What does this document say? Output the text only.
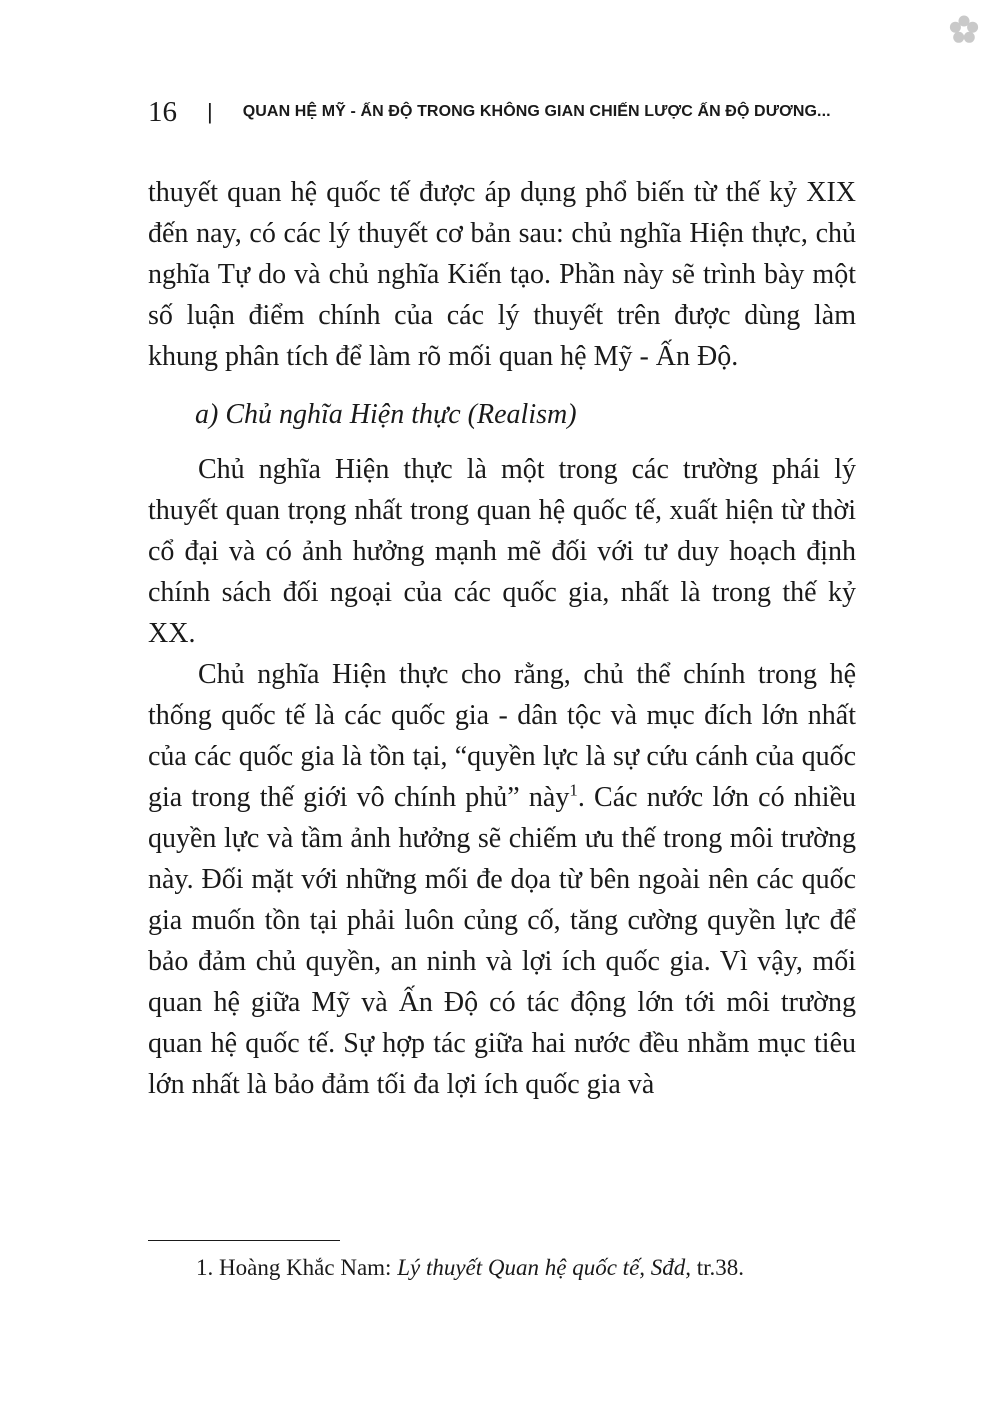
16 | QUAN HỆ MỸ - ẤN ĐỘ TRONG KHÔNG GIAN CHIẾN LƯỢC ẤN ĐỘ DƯƠNG...

thuyết quan hệ quốc tế được áp dụng phổ biến từ thế kỷ XIX đến nay, có các lý thuyết cơ bản sau: chủ nghĩa Hiện thực, chủ nghĩa Tự do và chủ nghĩa Kiến tạo. Phần này sẽ trình bày một số luận điểm chính của các lý thuyết trên được dùng làm khung phân tích để làm rõ mối quan hệ Mỹ - Ấn Độ.

a) Chủ nghĩa Hiện thực (Realism)

Chủ nghĩa Hiện thực là một trong các trường phái lý thuyết quan trọng nhất trong quan hệ quốc tế, xuất hiện từ thời cổ đại và có ảnh hưởng mạnh mẽ đối với tư duy hoạch định chính sách đối ngoại của các quốc gia, nhất là trong thế kỷ XX.

Chủ nghĩa Hiện thực cho rằng, chủ thể chính trong hệ thống quốc tế là các quốc gia - dân tộc và mục đích lớn nhất của các quốc gia là tồn tại, “quyền lực là sự cứu cánh của quốc gia trong thế giới vô chính phủ” này$^1$. Các nước lớn có nhiều quyền lực và tầm ảnh hưởng sẽ chiếm ưu thế trong môi trường này. Đối mặt với những mối đe dọa từ bên ngoài nên các quốc gia muốn tồn tại phải luôn củng cố, tăng cường quyền lực để bảo đảm chủ quyền, an ninh và lợi ích quốc gia. Vì vậy, mối quan hệ giữa Mỹ và Ấn Độ có tác động lớn tới môi trường quan hệ quốc tế. Sự hợp tác giữa hai nước đều nhằm mục tiêu lớn nhất là bảo đảm tối đa lợi ích quốc gia và

1. Hoàng Khắc Nam: Lý thuyết Quan hệ quốc tế, Sđd, tr.38.
